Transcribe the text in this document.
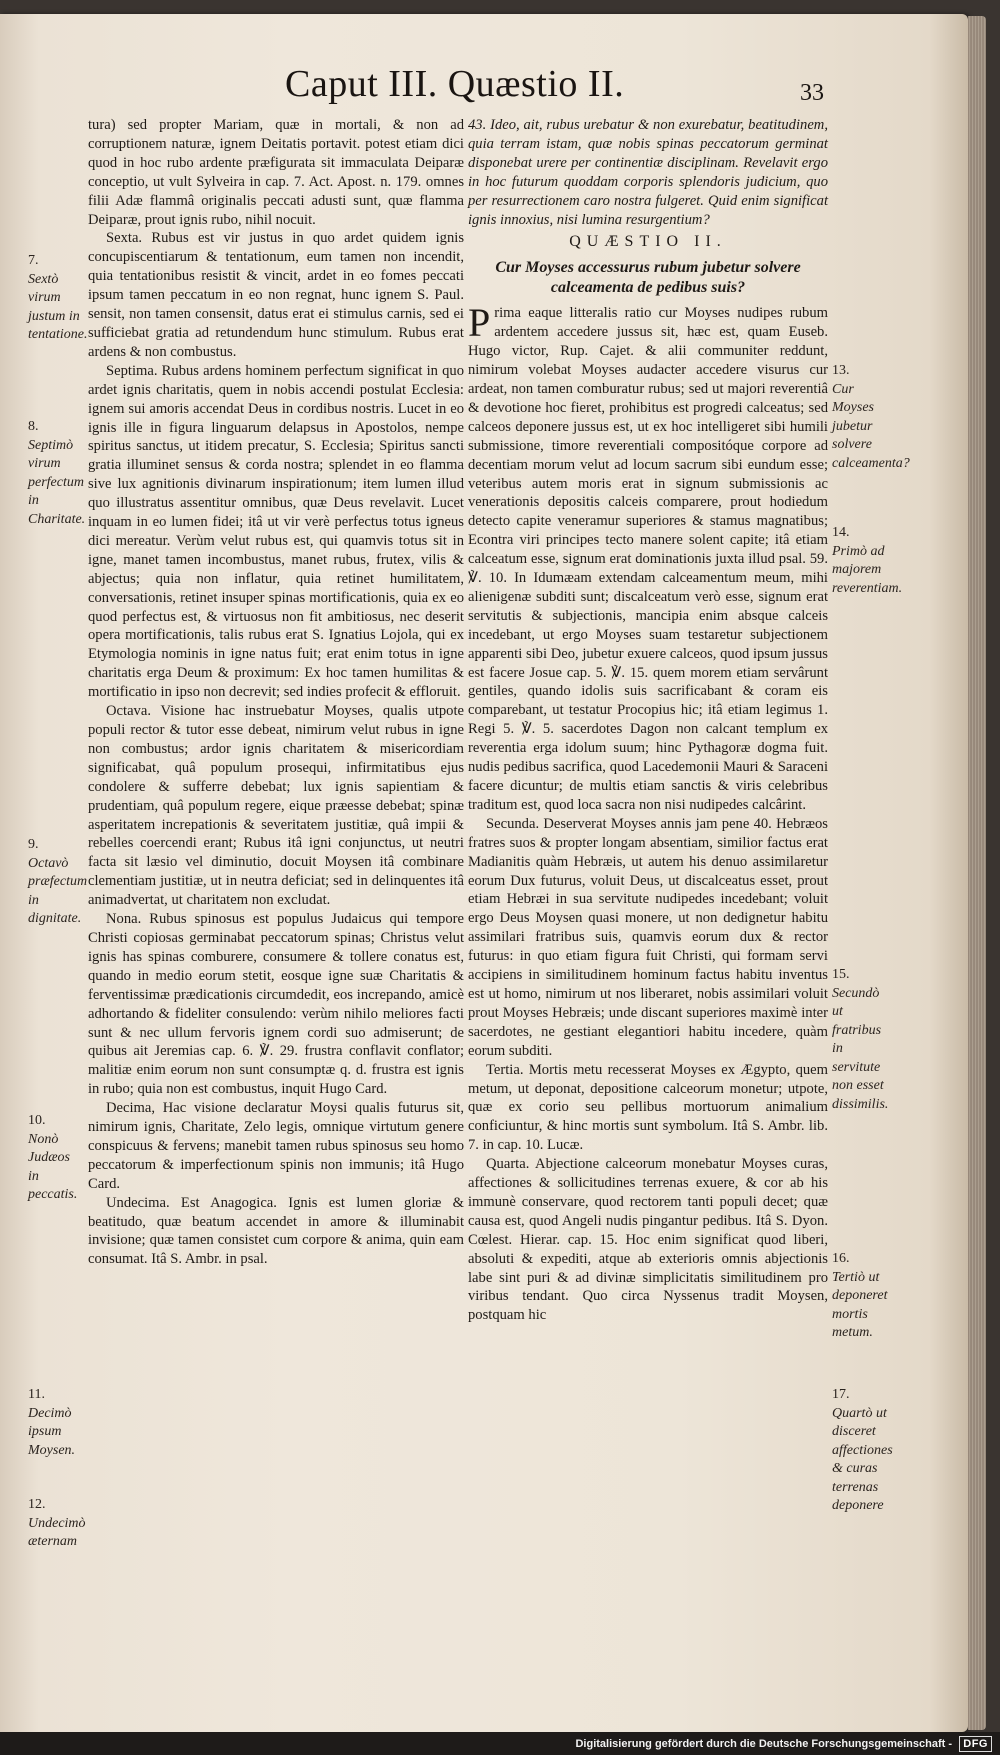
Caput III. Quæstio II.	33

tura) sed propter Mariam, quæ in mortali, & non ad corruptionem naturæ, ignem Deitatis portavit. potest etiam dici quod in hoc rubo ardente præfigurata sit immaculata Deiparæ conceptio, ut vult Sylveira in cap. 7. Act. Apost. n. 179. omnes filii Adæ flammâ originalis peccati adusti sunt, quæ flamma Deiparæ, prout ignis rubo, nihil nocuit.

Sexta. Rubus est vir justus in quo ardet quidem ignis concupiscentiarum & tentationum, eum tamen non incendit, quia tentationibus resistit & vincit, ardet in eo fomes peccati ipsum tamen peccatum in eo non regnat, hunc ignem S. Paul. sensit, non tamen consensit, datus erat ei stimulus carnis, sed ei sufficiebat gratia ad retundendum hunc stimulum. Rubus erat ardens & non combustus.

Septima. Rubus ardens hominem perfectum significat in quo ardet ignis charitatis, quem in nobis accendi postulat Ecclesia: ignem sui amoris accendat Deus in cordibus nostris. Lucet in eo ignis ille in figura linguarum delapsus in Apostolos, nempe spiritus sanctus, ut itidem precatur, S. Ecclesia; Spiritus sancti gratia illuminet sensus & corda nostra; splendet in eo flamma sive lux agnitionis divinarum inspirationum; item lumen illud quo illustratus assentitur omnibus, quæ Deus revelavit. Lucet inquam in eo lumen fidei; itâ ut vir verè perfectus totus igneus dici mereatur. Verùm velut rubus est, qui quamvis totus sit in igne, manet tamen incombustus, manet rubus, frutex, vilis & abjectus; quia non inflatur, quia retinet humilitatem, conversationis, retinet insuper spinas mortificationis, quia ex eo quod perfectus est, & virtuosus non fit ambitiosus, nec deserit opera mortificationis, talis rubus erat S. Ignatius Lojola, qui ex Etymologia nominis in igne natus fuit; erat enim totus in igne charitatis erga Deum & proximum: Ex hoc tamen humilitas & mortificatio in ipso non decrevit; sed indies profecit & effloruit.

Octava. Visione hac instruebatur Moyses, qualis utpote populi rector & tutor esse debeat, nimirum velut rubus in igne non combustus; ardor ignis charitatem & misericordiam significabat, quâ populum prosequi, infirmitatibus ejus condolere & sufferre debebat; lux ignis sapientiam & prudentiam, quâ populum regere, eique præesse debebat; spinæ asperitatem increpationis & severitatem justitiæ, quâ impii & rebelles coercendi erant; Rubus itâ igni conjunctus, ut neutri facta sit læsio vel diminutio, docuit Moysen itâ combinare clementiam justitiæ, ut in neutra deficiat; sed in delinquentes itâ animadvertat, ut charitatem non excludat.

Nona. Rubus spinosus est populus Judaicus qui tempore Christi copiosas germinabat peccatorum spinas; Christus velut ignis has spinas comburere, consumere & tollere conatus est, quando in medio eorum stetit, eosque igne suæ Charitatis & ferventissimæ prædicationis circumdedit, eos increpando, amicè adhortando & fideliter consulendo: verùm nihilo meliores facti sunt & nec ullum fervoris ignem cordi suo admiserunt; de quibus ait Jeremias cap. 6. ℣. 29. frustra conflavit conflator; malitiæ enim eorum non sunt consumptæ q. d. frustra est ignis in rubo; quia non est combustus, inquit Hugo Card.

Decima, Hac visione declaratur Moysi qualis futurus sit, nimirum ignis, Charitate, Zelo legis, omnique virtutum genere conspicuus & fervens; manebit tamen rubus spinosus seu homo peccatorum & imperfectionum spinis non immunis; itâ Hugo Card.

Undecima. Est Anagogica. Ignis est lumen gloriæ & beatitudo, quæ beatum accendet in amore & illuminabit invisione; quæ tamen consistet cum corpore & anima, quin eam consumat. Itâ S. Ambr. in psal.

43. Ideo, ait, rubus urebatur & non exurebatur, beatitudinem, quia terram istam, quæ nobis spinas peccatorum germinat disponebat urere per continentiæ disciplinam. Revelavit ergo in hoc futurum quoddam corporis splendoris judicium, quo per resurrectionem caro nostra fulgeret. Quid enim significat ignis innoxius, nisi lumina resurgentium?

QUÆSTIO II.
Cur Moyses accessurus rubum jubetur solvere calceamenta de pedibus suis?

Prima eaque litteralis ratio cur Moyses nudipes rubum ardentem accedere jussus sit, hæc est, quam Euseb. Hugo victor, Rup. Cajet. & alii communiter reddunt, nimirum volebat Moyses audacter accedere visurus cur ardeat, non tamen comburatur rubus; sed ut majori reverentiâ & devotione hoc fieret, prohibitus est progredi calceatus; sed calceos deponere jussus est, ut ex hoc intelligeret sibi humili submissione, timore reverentiali compositóque corpore ad decentiam morum velut ad locum sacrum sibi eundum esse; veteribus autem moris erat in signum submissionis ac venerationis depositis calceis comparere, prout hodiedum detecto capite veneramur superiores & stamus magnatibus; Econtra viri principes tecto manere solent capite; itâ etiam calceatum esse, signum erat dominationis juxta illud psal. 59. ℣. 10. In Idumæam extendam calceamentum meum, mihi alienigenæ subditi sunt; discalceatum verò esse, signum erat servitutis & subjectionis, mancipia enim absque calceis incedebant, ut ergo Moyses suam testaretur subjectionem apparenti sibi Deo, jubetur exuere calceos, quod ipsum jussus est facere Josue cap. 5. ℣. 15. quem morem etiam servârunt gentiles, quando idolis suis sacrificabant & coram eis comparebant, ut testatur Procopius hic; itâ etiam legimus 1. Regi 5. ℣. 5. sacerdotes Dagon non calcant templum ex reverentia erga idolum suum; hinc Pythagoræ dogma fuit. nudis pedibus sacrifica, quod Lacedemonii Mauri & Saraceni facere dicuntur; de multis etiam sanctis & viris celebribus traditum est, quod loca sacra non nisi nudipedes calcârint.

Secunda. Deserverat Moyses annis jam pene 40. Hebræos fratres suos & propter longam absentiam, similior factus erat Madianitis quàm Hebræis, ut autem his denuo assimilaretur eorum Dux futurus, voluit Deus, ut discalceatus esset, prout etiam Hebræi in sua servitute nudipedes incedebant; voluit ergo Deus Moysen quasi monere, ut non dedignetur habitu assimilari fratribus suis, quamvis eorum dux & rector futurus: in quo etiam figura fuit Christi, qui formam servi accipiens in similitudinem hominum factus habitu inventus est ut homo, nimirum ut nos liberaret, nobis assimilari voluit prout Moyses Hebræis; unde discant superiores maximè inter sacerdotes, ne gestiant elegantiori habitu incedere, quàm eorum subditi.

Tertia. Mortis metu recesserat Moyses ex Ægypto, quem metum, ut deponat, depositione calceorum monetur; utpote, quæ ex corio seu pellibus mortuorum animalium conficiuntur, & hinc mortis sunt symbolum. Itâ S. Ambr. lib. 7. in cap. 10. Lucæ.

Quarta. Abjectione calceorum monebatur Moyses curas, affectiones & sollicitudines terrenas exuere, & cor ab his immunè conservare, quod rectorem tanti populi decet; quæ causa est, quod Angeli nudis pingantur pedibus. Itâ S. Dyon. Cœlest. Hierar. cap. 15. Hoc enim significat quod liberi, absoluti & expediti, atque ab exterioris omnis abjectionis labe sint puri & ad divinæ simplicitatis similitudinem pro viribus tendant. Quo circa Nyssenus tradit Moysen, postquam hic

7.
Sextò virum justum in tentatione.
8.
Septimò virum perfectum in Charitate.
9.
Octavò præfectum in dignitate.
10.
Nonò Judæos in peccatis.
11.
Decimò ipsum Moysen.
12.
Undecimò æternam
13.
Cur Moyses jubetur solvere calceamenta?
14.
Primò ad majorem reverentiam.
15.
Secundò ut fratribus in servitute non esset dissimilis.
16.
Tertiò ut deponeret mortis metum.
17.
Quartò ut disceret affectiones & curas terrenas deponere
Digitalisierung gefördert durch die Deutsche Forschungsgemeinschaft -	DFG
